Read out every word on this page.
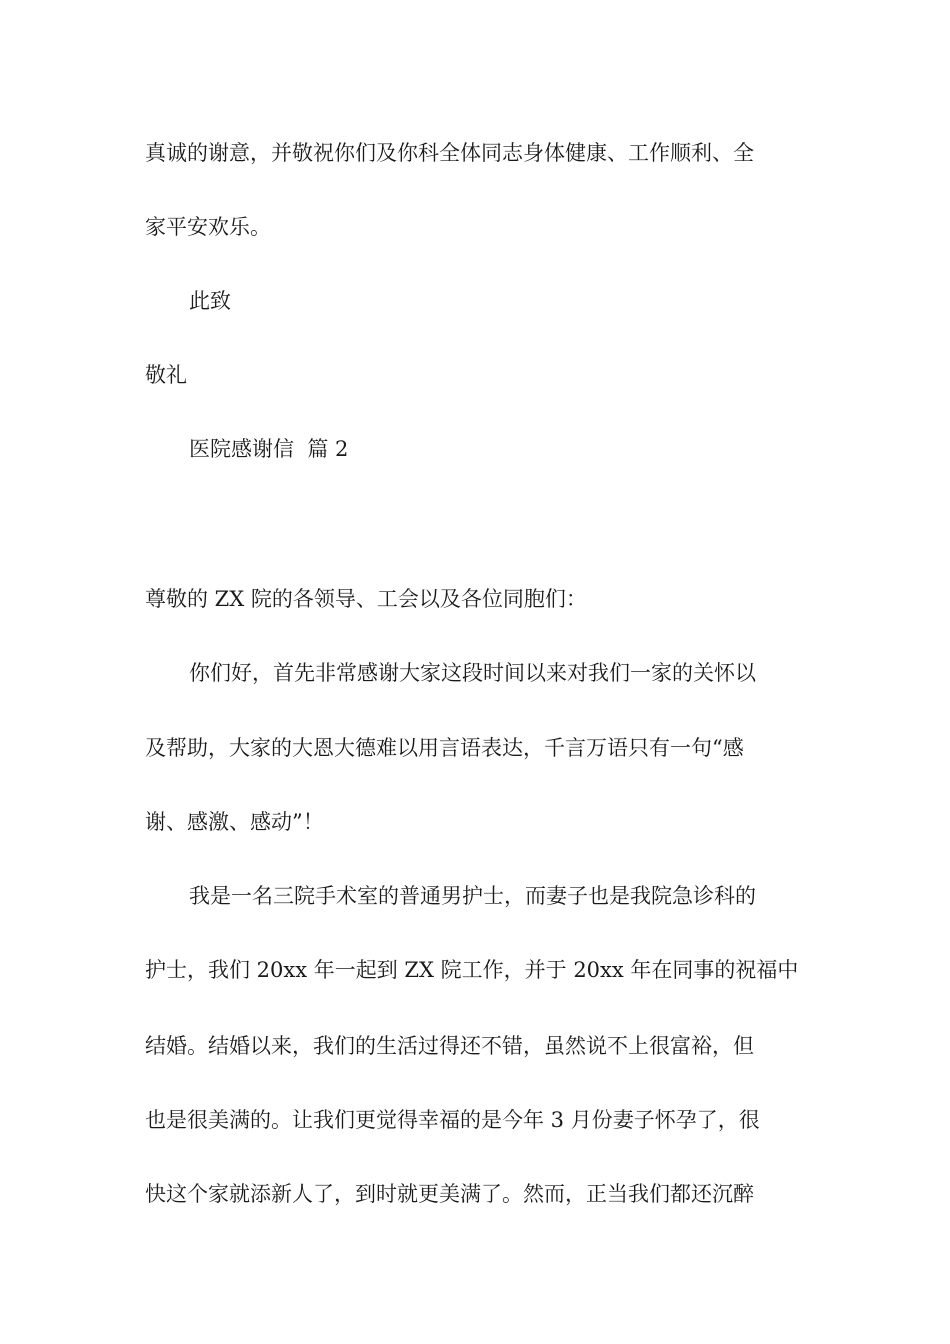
真诚的谢意，并敬祝你们及你科全体同志身体健康、工作顺利、全
家平安欢乐。
此致
敬礼
医院感谢信  篇 2
尊敬的 ZX 院的各领导、工会以及各位同胞们：
你们好，首先非常感谢大家这段时间以来对我们一家的关怀以
及帮助，大家的大恩大德难以用言语表达，千言万语只有一句“感
谢、感激、感动”！
我是一名三院手术室的普通男护士，而妻子也是我院急诊科的
护士，我们 20xx 年一起到 ZX 院工作，并于 20xx 年在同事的祝福中
结婚。结婚以来，我们的生活过得还不错，虽然说不上很富裕，但
也是很美满的。让我们更觉得幸福的是今年 3 月份妻子怀孕了，很
快这个家就添新人了，到时就更美满了。然而，正当我们都还沉醉
